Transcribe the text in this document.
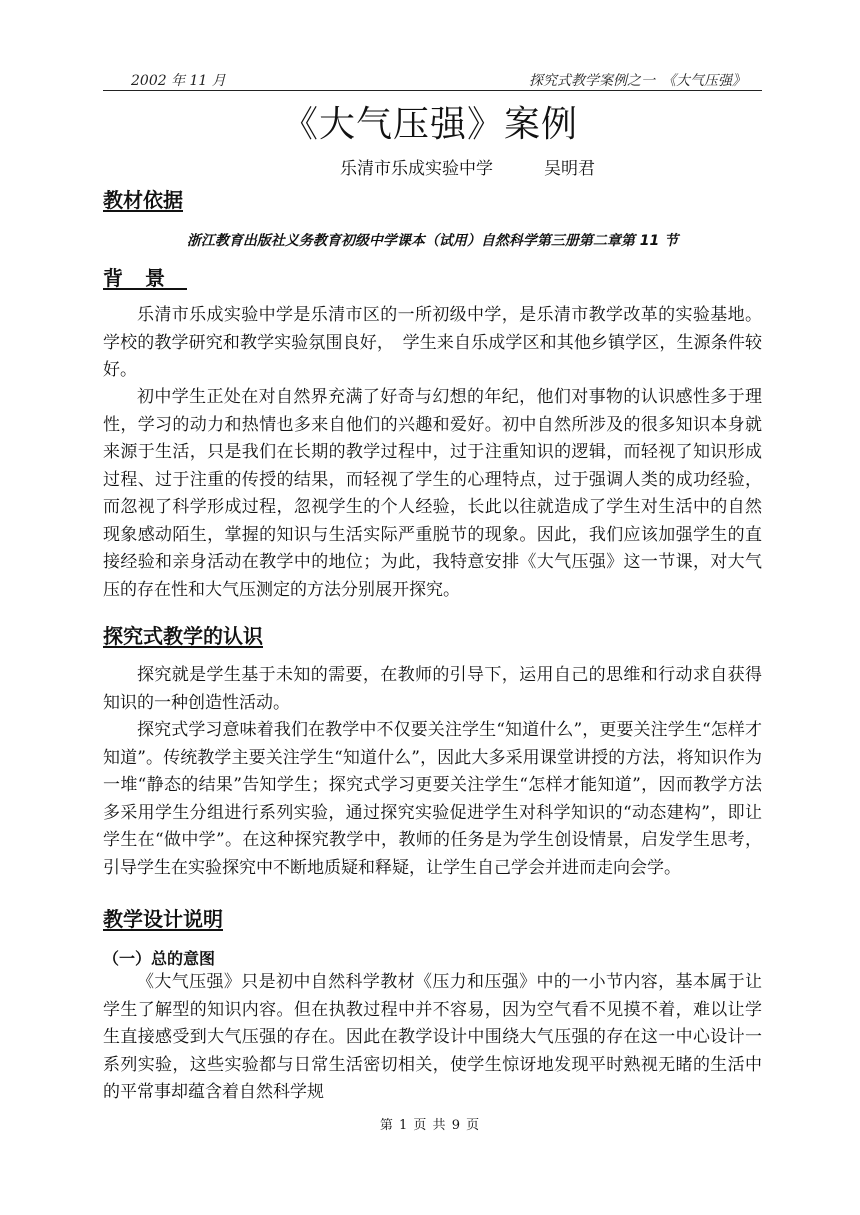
2002 年 11 月	探究式教学案例之一　《大气压强》
《大气压强》案例
乐清市乐成实验中学　　　吴明君
教材依据
浙江教育出版社义务教育初级中学课本（试用）自然科学第三册第二章第 11 节
背景

乐清市乐成实验中学是乐清市区的一所初级中学，是乐清市教学改革的实验基地。学校的教学研究和教学实验氛围良好，　学生来自乐成学区和其他乡镇学区，生源条件较好。

初中学生正处在对自然界充满了好奇与幻想的年纪，他们对事物的认识感性多于理性，学习的动力和热情也多来自他们的兴趣和爱好。初中自然所涉及的很多知识本身就来源于生活，只是我们在长期的教学过程中，过于注重知识的逻辑，而轻视了知识形成过程、过于注重的传授的结果，而轻视了学生的心理特点，过于强调人类的成功经验，而忽视了科学形成过程，忽视学生的个人经验，长此以往就造成了学生对生活中的自然现象感动陌生，掌握的知识与生活实际严重脱节的现象。因此，我们应该加强学生的直接经验和亲身活动在教学中的地位；为此，我特意安排《大气压强》这一节课，对大气压的存在性和大气压测定的方法分别展开探究。

探究式教学的认识

探究就是学生基于未知的需要，在教师的引导下，运用自己的思维和行动求自获得知识的一种创造性活动。

探究式学习意味着我们在教学中不仅要关注学生“知道什么”，更要关注学生“怎样才知道”。传统教学主要关注学生“知道什么”，因此大多采用课堂讲授的方法，将知识作为一堆“静态的结果”告知学生；探究式学习更要关注学生“怎样才能知道”，因而教学方法多采用学生分组进行系列实验，通过探究实验促进学生对科学知识的“动态建构”，即让学生在“做中学”。在这种探究教学中，教师的任务是为学生创设情景，启发学生思考，引导学生在实验探究中不断地质疑和释疑，让学生自己学会并进而走向会学。

教学设计说明
（一）总的意图

《大气压强》只是初中自然科学教材《压力和压强》中的一小节内容，基本属于让学生了解型的知识内容。但在执教过程中并不容易，因为空气看不见摸不着，难以让学生直接感受到大气压强的存在。因此在教学设计中围绕大气压强的存在这一中心设计一系列实验，这些实验都与日常生活密切相关，使学生惊讶地发现平时熟视无睹的生活中的平常事却蕴含着自然科学规

第 1 页 共 9 页
